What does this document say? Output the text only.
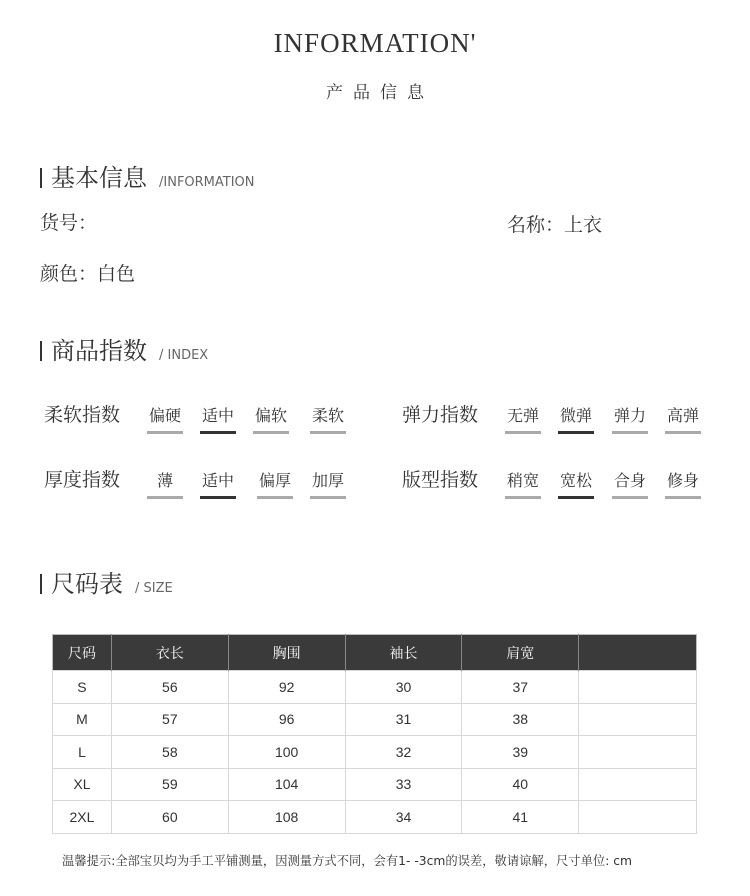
INFORMATION'
产品信息
基本信息 /INFORMATION
货号：	名称：上衣
颜色：白色
商品指数 / INDEX
柔软指数 偏硬 适中 偏软 柔软	弹力指数 无弹 微弹 弹力 高弹
厚度指数	薄	适中 偏厚 加厚	版型指数 稍宽 宽松 合身 修身
尺码表 / SIZE
尺码	衣长	胸围	袖长	肩宽	
S	56	92	30	37	
M	57	96	31	38	
L	58	100	32	39	
XL	59	104	33	40	
2XL	60	108	34	41	
温馨提示:全部宝贝均为手工平铺测量，因测量方式不同，会有1- -3cm的误差，敬请谅解，尺寸单位: cm
